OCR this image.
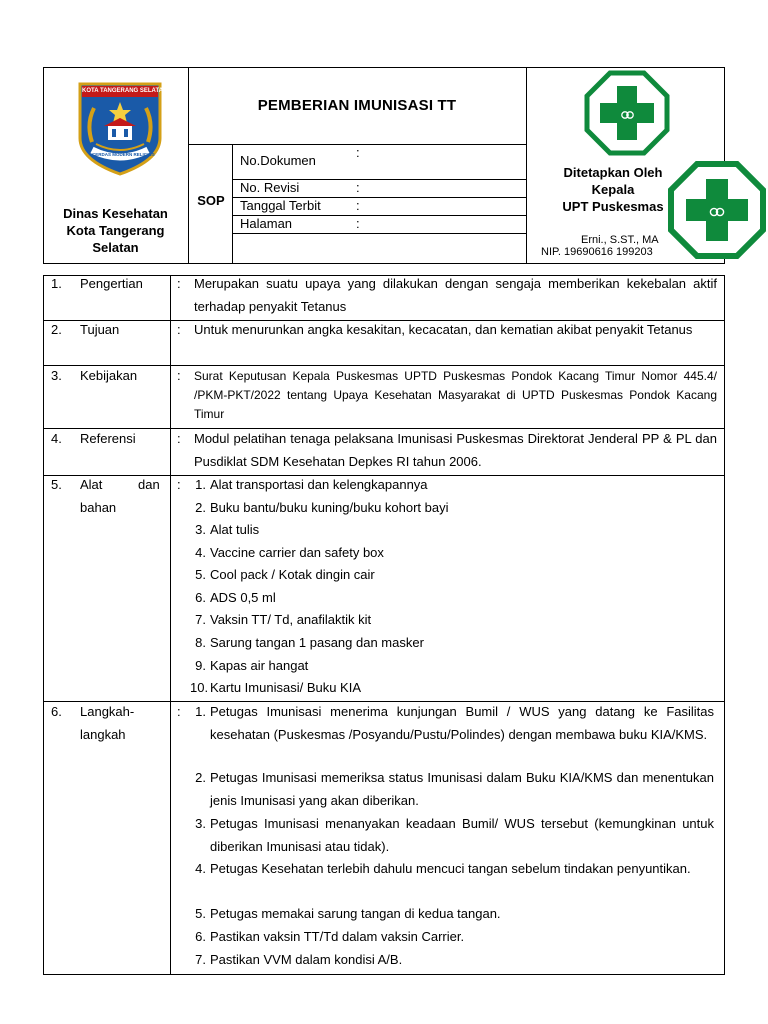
KOTA TANGERANG SELATAN
CERDAS MODERN RELIGIUS
Dinas Kesehatan
Kota Tangerang
Selatan
PEMBERIAN IMUNISASI TT
SOP
No.Dokumen
:
No. Revisi	:
Tanggal Terbit	:
Halaman	:
Ditetapkan Oleh
Kepala
UPT Puskesmas
Erni., S.ST., MA
NIP. 19690616 199203
1. Pengertian	: Merupakan suatu upaya yang dilakukan dengan sengaja memberikan kekebalan aktif terhadap penyakit Tetanus
2. Tujuan	: Untuk menurunkan angka kesakitan, kecacatan, dan kematian akibat penyakit Tetanus
3. Kebijakan	: Surat Keputusan Kepala Puskesmas UPTD Puskesmas Pondok Kacang Timur Nomor 445.4/ /PKM-PKT/2022 tentang Upaya Kesehatan Masyarakat di UPTD Puskesmas Pondok Kacang Timur
4. Referensi	: Modul pelatihan tenaga pelaksana Imunisasi Puskesmas Direktorat Jenderal PP & PL dan Pusdiklat SDM Kesehatan Depkes RI tahun 2006.
5. Alat	dan
bahan
:	1. Alat transportasi dan kelengkapannya
2. Buku bantu/buku kuning/buku kohort bayi
3. Alat tulis
4. Vaccine carrier dan safety box
5. Cool pack / Kotak dingin cair
6. ADS 0,5 ml
7. Vaksin TT/ Td, anafilaktik kit
8. Sarung tangan 1 pasang dan masker
9. Kapas air hangat
10. Kartu Imunisasi/ Buku KIA
6. Langkah-
langkah
:	1. Petugas Imunisasi menerima kunjungan Bumil / WUS yang datang ke Fasilitas kesehatan (Puskesmas /Posyandu/Pustu/Polindes) dengan membawa buku KIA/KMS.
2. Petugas Imunisasi memeriksa status Imunisasi dalam Buku KIA/KMS dan menentukan jenis Imunisasi yang akan diberikan.
3. Petugas Imunisasi menanyakan keadaan Bumil/ WUS tersebut (kemungkinan untuk diberikan Imunisasi atau tidak).
4. Petugas Kesehatan terlebih dahulu mencuci tangan sebelum tindakan penyuntikan.
5. Petugas memakai sarung tangan di kedua tangan.
6. Pastikan vaksin TT/Td dalam vaksin Carrier.
7. Pastikan VVM dalam kondisi A/B.
